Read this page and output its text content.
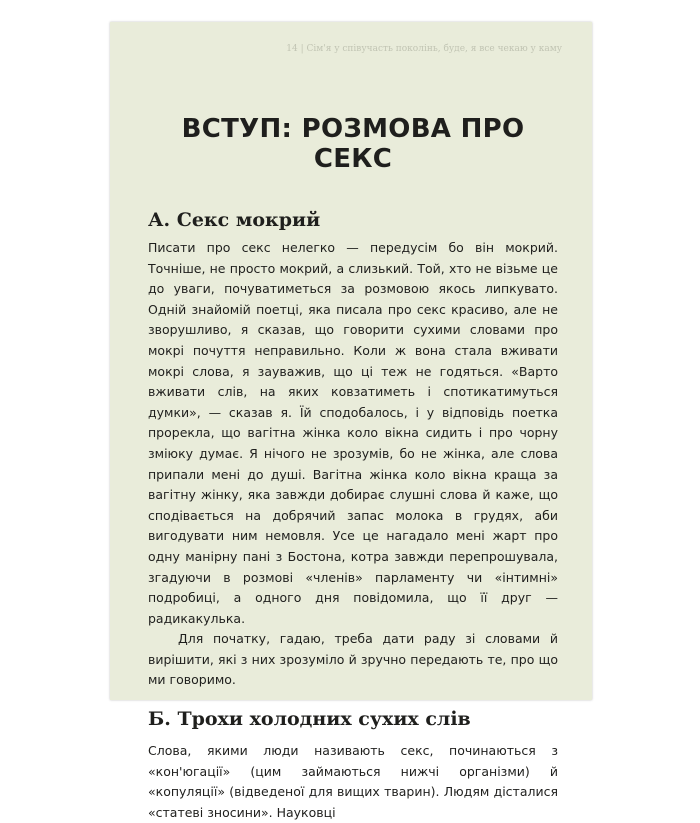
14 | Сім'я у співучасть поколінь, буде, я все чекаю у каму
ВСТУП: РОЗМОВА ПРО СЕКС
А. Секс мокрий

Писати про секс нелегко — передусім бо він мокрий. Точніше, не просто мокрий, а слизький. Той, хто не візьме це до уваги, почуватиметься за розмовою якось липкувато. Одній знайомій поетці, яка писала про секс красиво, але не зворушливо, я сказав, що говорити сухими словами про мокрі почуття неправильно. Коли ж вона стала вживати мокрі слова, я зауважив, що ці теж не годяться. «Варто вживати слів, на яких ковзатиметь і спотикатимуться думки», — сказав я. Їй сподобалось, і у відповідь поетка прорекла, що вагітна жінка коло вікна сидить і про чорну зміюку думає. Я нічого не зрозумів, бо не жінка, але слова припали мені до душі. Вагітна жінка коло вікна краща за вагітну жінку, яка завжди добирає слушні слова й каже, що сподівається на добрячий запас молока в грудях, аби вигодувати ним немовля. Усе це нагадало мені жарт про одну манірну пані з Бостона, котра завжди перепрошувала, згадуючи в розмові «членів» парламенту чи «інтимні» подробиці, а одного дня повідомила, що її друг — радикакулька.

Для початку, гадаю, треба дати раду зі словами й вирішити, які з них зрозуміло й зручно передають те, про що ми говоримо.

Б. Трохи холодних сухих слів

Слова, якими люди називають секс, починаються з «кон'югації» (цим займаються нижчі організми) й «копуляції» (відведеної для вищих тварин). Людям дісталися «статеві зносини». Науковці
